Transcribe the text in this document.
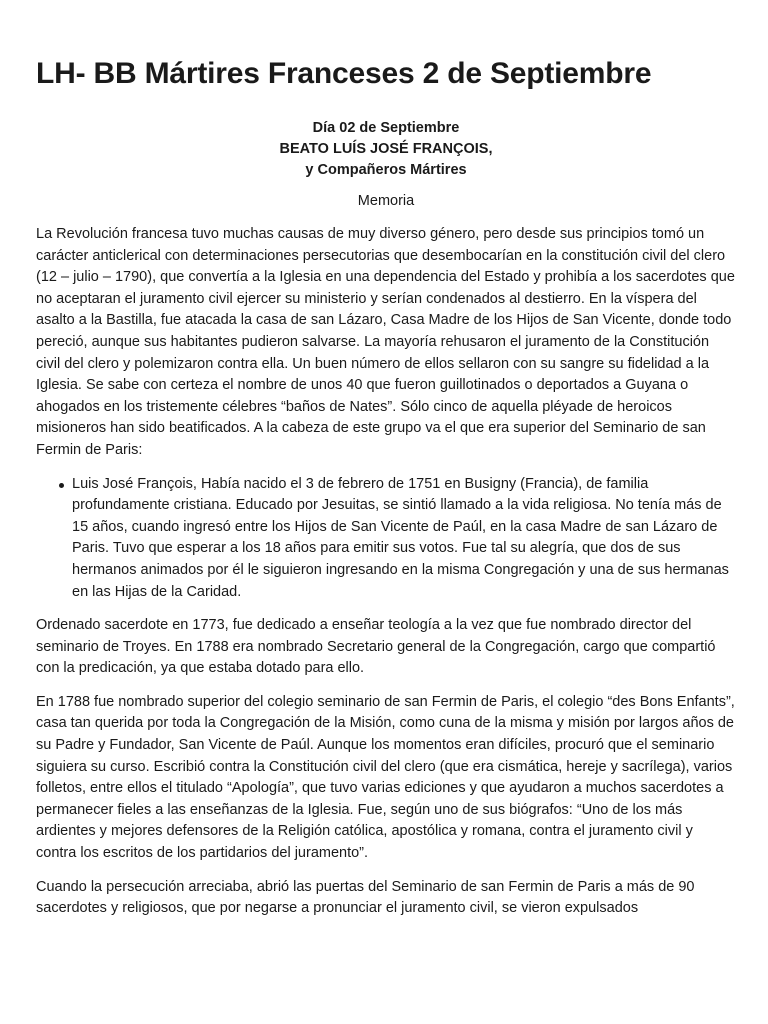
LH- BB Mártires Franceses 2 de Septiembre
Día 02 de Septiembre
BEATO LUÍS JOSÉ FRANÇOIS,
y Compañeros Mártires
Memoria

La Revolución francesa tuvo muchas causas de muy diverso género, pero desde sus principios tomó un carácter anticlerical con determinaciones persecutorias que desembocarían en la constitución civil del clero (12 – julio – 1790), que convertía a la Iglesia en una dependencia del Estado y prohibía a los sacerdotes que no aceptaran el juramento civil ejercer su ministerio y serían condenados al destierro. En la víspera del asalto a la Bastilla, fue atacada la casa de san Lázaro, Casa Madre de los Hijos de San Vicente, donde todo pereció, aunque sus habitantes pudieron salvarse. La mayoría rehusaron el juramento de la Constitución civil del clero y polemizaron contra ella. Un buen número de ellos sellaron con su sangre su fidelidad a la Iglesia. Se sabe con certeza el nombre de unos 40 que fueron guillotinados o deportados a Guyana o ahogados en los tristemente célebres “baños de Nates”. Sólo cinco de aquella pléyade de heroicos misioneros han sido beatificados. A la cabeza de este grupo va el que era superior del Seminario de san Fermin de Paris:

Luis José François, Había nacido el 3 de febrero de 1751 en Busigny (Francia), de familia profundamente cristiana. Educado por Jesuitas, se sintió llamado a la vida religiosa. No tenía más de 15 años, cuando ingresó entre los Hijos de San Vicente de Paúl, en la casa Madre de san Lázaro de Paris. Tuvo que esperar a los 18 años para emitir sus votos. Fue tal su alegría, que dos de sus hermanos animados por él le siguieron ingresando en la misma Congregación y una de sus hermanas en las Hijas de la Caridad.

Ordenado sacerdote en 1773, fue dedicado a enseñar teología a la vez que fue nombrado director del seminario de Troyes. En 1788 era nombrado Secretario general de la Congregación, cargo que compartió con la predicación, ya que estaba dotado para ello.

En 1788 fue nombrado superior del colegio seminario de san Fermin de Paris, el colegio “des Bons Enfants”, casa tan querida por toda la Congregación de la Misión, como cuna de la misma y misión por largos años de su Padre y Fundador, San Vicente de Paúl. Aunque los momentos eran difíciles, procuró que el seminario siguiera su curso. Escribió contra la Constitución civil del clero (que era cismática, hereje y sacrílega), varios folletos, entre ellos el titulado “Apología”, que tuvo varias ediciones y que ayudaron a muchos sacerdotes a permanecer fieles a las enseñanzas de la Iglesia. Fue, según uno de sus biógrafos: “Uno de los más ardientes y mejores defensores de la Religión católica, apostólica y romana, contra el juramento civil y contra los escritos de los partidarios del juramento”.

Cuando la persecución arreciaba, abrió las puertas del Seminario de san Fermin de Paris a más de 90 sacerdotes y religiosos, que por negarse a pronunciar el juramento civil, se vieron expulsados
